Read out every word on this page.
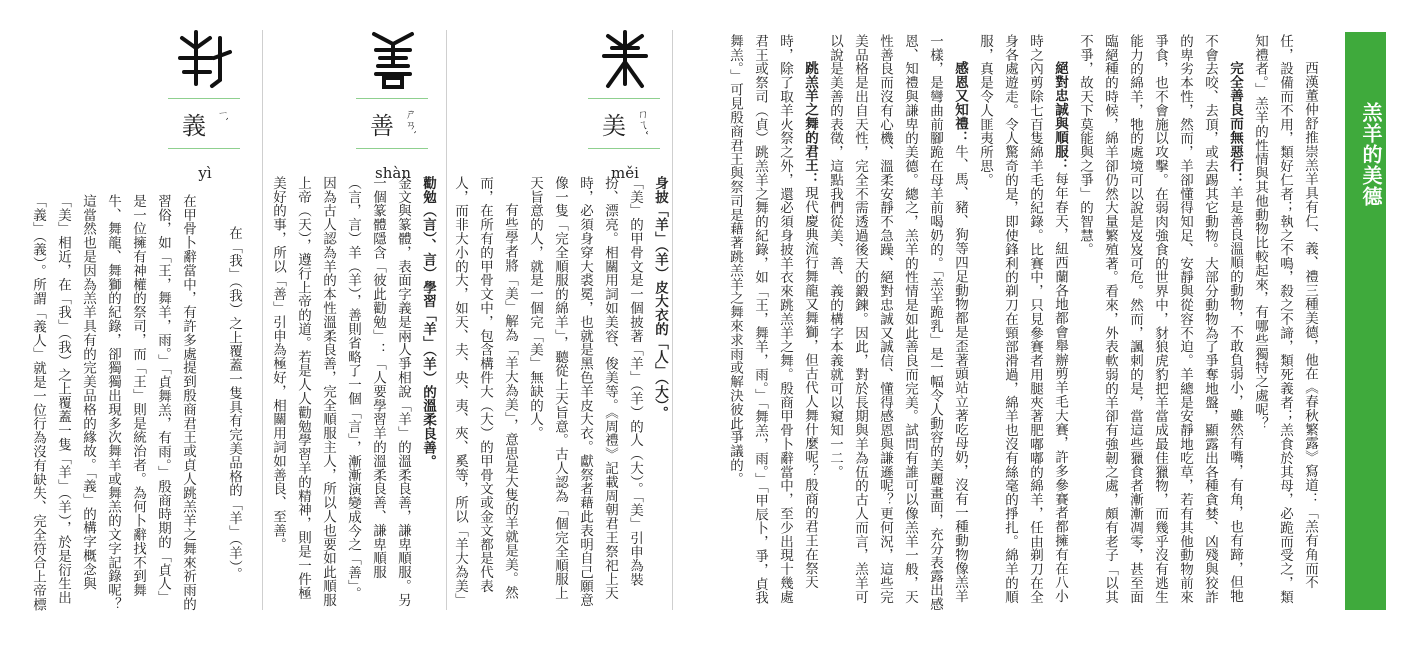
羔羊的美德

西漢董仲舒推崇羔羊具有仁、義、禮三種美德，他在《春秋繁露》寫道：「羔有角而不任，設備而不用，類好仁者；執之不鳴，殺之不諦，類死義者；羔食於其母，必跪而受之，類知禮者。」羔羊的性情與其他動物比較起來，有哪些獨特之處呢？

完全善良而無惡行：羊是善良溫順的動物，不敢負弱小，雖然有嘴，有角，也有蹄，但牠不會去咬、去頂，或去踢其它動物。大部分動物為了爭奪地盤，顯露出各種貪婪、凶殘與狡詐的卑劣本性，然而，羊卻懂得知足、安靜與從容不迫。羊總是安靜地吃草，若有其他動物前來爭食，也不會施以攻擊。在弱肉強食的世界中，豺狼虎豹把羊當成最佳獵物，而幾乎沒有逃生能力的綿羊，牠的處境可以說是岌岌可危。然而，諷刺的是，當這些獵食者漸漸凋零，甚至面臨絕種的時候，綿羊卻仍然大量繁殖著。看來，外表軟弱的羊卻有強韌之處，頗有老子「以其不爭，故天下莫能與之爭」的智慧。

絕對忠誠與順服：每年春天，紐西蘭各地都會舉辦剪羊毛大賽，許多參賽者都擁有在八小時之內剪除七百隻綿羊毛的紀錄。比賽中，只見參賽者用腿夾著肥嘟嘟的綿羊，任由剃刀在全身各處遊走。令人驚奇的是，即使鋒利的剃刀在頸部滑過，綿羊也沒有絲毫的掙扎。綿羊的順服，真是令人匪夷所思。

感恩又知禮：牛、馬、豬、狗等四足動物都是歪著頭站立著吃母奶，沒有一種動物像羔羊一樣，是彎曲前腳跪在母羊前喝奶的。「羔羊跪乳」是一幅令人動容的美麗畫面，充分表露出感恩、知禮與謙卑的美德。總之，羔羊的性情是如此善良而完美。試問有誰可以像羔羊一般，天性善良而沒有心機、溫柔安靜不急躁、絕對忠誠又誠信、懂得感恩與謙遜呢？更何況，這些完美品格是出自天性，完全不需透過後天的鍛鍊。因此，對於長期與羊為伍的古人而言，羔羊可以說是美善的表徵，這點我們從美、善、義的構字本義就可以窺知一二。

跳羔羊之舞的君王：現代慶典流行舞龍又舞獅，但古代人舞什麼呢？殷商的君王在祭天時，除了取羊火祭之外，還必須身披羊衣來跳羔羊之舞。殷商甲骨卜辭當中，至少出現十幾處君王或祭司（貞）跳羔羊之舞的紀錄，如「王，舞羊，雨。」「舞羔，雨。」「甲辰卜，爭，貞我舞羔。」可見殷商君王與祭司是藉著跳羔羊之舞來求雨或解決彼此爭議的。

美 ㄇㄟˇ
měi

身披「羊」（羊）皮大衣的「人」（大）。

「美」的甲骨文是一個披著「羊」（羊）的人（大）。「美」引申為裝扮、漂亮。相關用詞如美容、俊美等。《周禮》記載周朝君王祭祀上天時，必須身穿大裘冕，也就是黑色羊皮大衣。獻祭者藉此表明自己願意像一隻「完全順服的綿羊」，聽從上天旨意。古人認為「個完全順服上天旨意的人，就是一個完「美」無缺的人。

有些學者將「美」解為「羊大為美」，意思是大隻的羊就是美。然而，在所有的甲骨文中，包含構件大（大）的甲骨文或金文都是代表人，而非大小的大，如天、夫、央、夷、夾、奚等，所以「羊大為美」

善 ㄕㄢˋ
shàn

勸勉（言）、言）學習「羊」（羊）的溫柔良善。

金文與篆體，表面字義是兩人爭相說「羊」的溫柔良善，謙卑順服。另一個篆體隱含「彼此勸勉」：「人要學習羊的溫柔良善、謙卑順服（言，言）羊（羊），善則省略了一個「言」，漸漸演變成今之「善」。因為古人認為羊的本性溫柔良善，完全順服主人，所以人也要如此順服上帝（天），遵行上帝的道。若是人人勸勉學習羊的精神，則是一件極美好的事，所以「善」引申為極好，相關用詞如善良、至善。

義 ㄧˋ
yì

在「我」（我）之上覆蓋一隻具有完美品格的「羊」（羊）。

在甲骨卜辭當中，有許多處提到殷商君王或貞人跳羔羊之舞來祈雨的習俗，如「王，舞羊，雨。」「貞舞羔，有雨。」殷商時期的「貞人」是一位擁有神權的祭司，而「王」則是統治者。為何卜辭找不到舞牛、舞龍、舞獅的紀錄，卻獨獨出現多次舞羊或舞羔的文字記錄呢？這當然也是因為羔羊具有的完美品格的緣故。「義」的構字概念與「美」相近，在「我」（我）之上覆蓋一隻「羊」（羊），於是衍生出「義」（義）。所謂「義人」就是一位行為沒有缺失、完全符合上帝標
